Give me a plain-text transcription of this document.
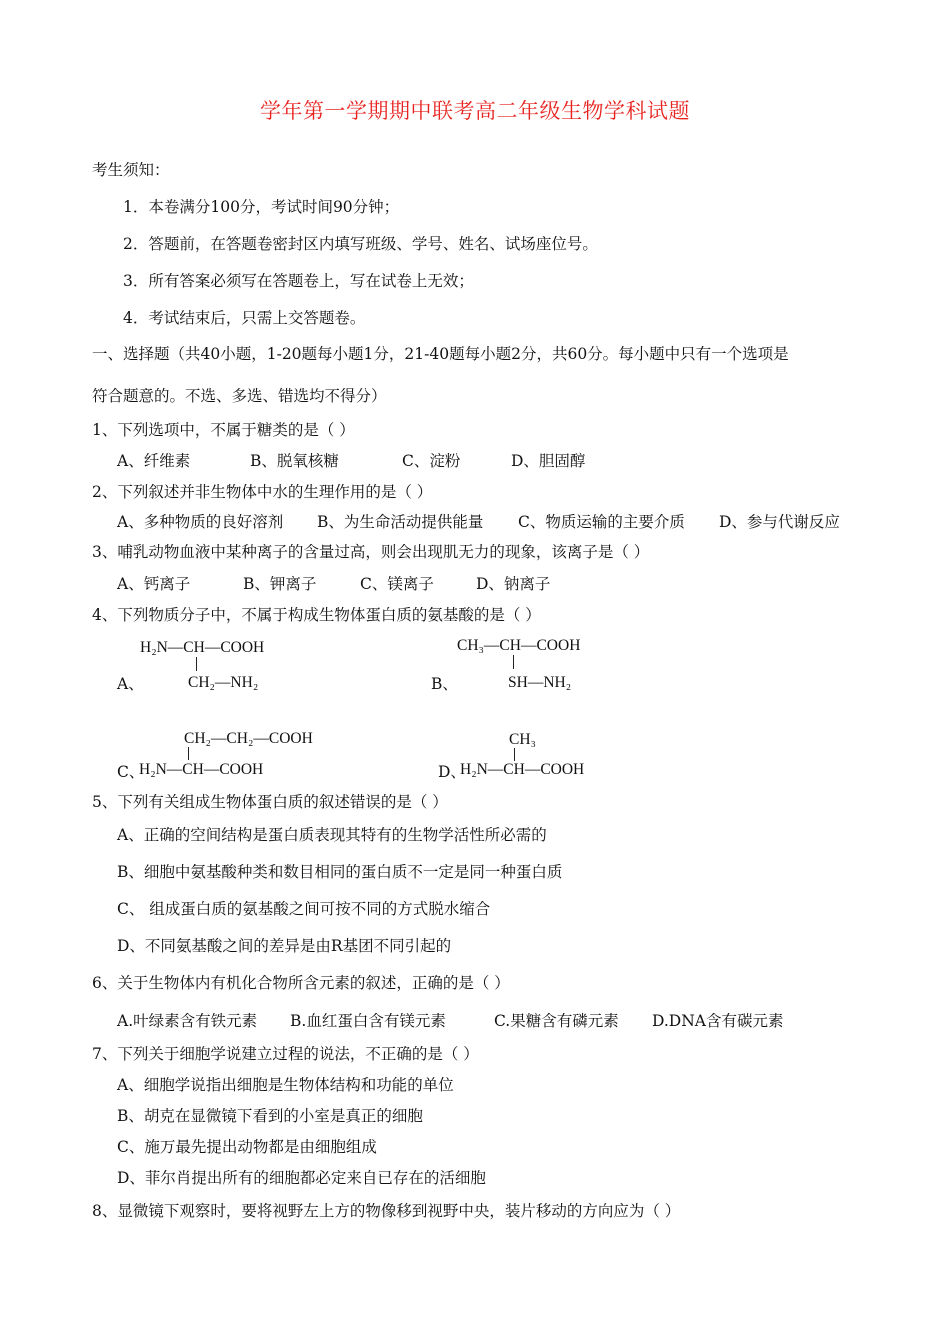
学年第一学期期中联考高二年级生物学科试题
考生须知：
1．本卷满分100分，考试时间90分钟；
2．答题前，在答题卷密封区内填写班级、学号、姓名、试场座位号。
3．所有答案必须写在答题卷上，写在试卷上无效；
4．考试结束后，只需上交答题卷。
一、选择题（共40小题，1-20题每小题1分，21-40题每小题2分，共60分。每小题中只有一个选项是
符合题意的。不选、多选、错选均不得分）
1、下列选项中，不属于糖类的是（ ）
A、纤维素	B、脱氧核糖	C、淀粉	D、胆固醇
2、下列叙述并非生物体中水的生理作用的是（ ）
A、多种物质的良好溶剂 B、为生命活动提供能量 C、物质运输的主要介质 D、参与代谢反应
3、哺乳动物血液中某种离子的含量过高，则会出现肌无力的现象，该离子是（ ）
A、钙离子	B、钾离子	C、镁离子	D、钠离子
4、下列物质分子中，不属于构成生物体蛋白质的氨基酸的是（ ）
H₂N—CH—COOH
CH₂—NH₂
A、
CH₃—CH—COOH
SH—NH₂
B、
CH₂—CH₂—COOH
H₂N—CH—COOH
C、
CH₃
H₂N—CH—COOH
D、
5、下列有关组成生物体蛋白质的叙述错误的是（ ）
A、正确的空间结构是蛋白质表现其特有的生物学活性所必需的
B、细胞中氨基酸种类和数目相同的蛋白质不一定是同一种蛋白质
C、 组成蛋白质的氨基酸之间可按不同的方式脱水缩合
D、不同氨基酸之间的差异是由R基团不同引起的
6、关于生物体内有机化合物所含元素的叙述，正确的是（ ）
A.叶绿素含有铁元素 B.血红蛋白含有镁元素	C.果糖含有磷元素 D.DNA含有碳元素
7、下列关于细胞学说建立过程的说法，不正确的是（ ）
A、细胞学说指出细胞是生物体结构和功能的单位
B、胡克在显微镜下看到的小室是真正的细胞
C、施万最先提出动物都是由细胞组成
D、菲尔肖提出所有的细胞都必定来自已存在的活细胞
8、显微镜下观察时，要将视野左上方的物像移到视野中央，装片移动的方向应为（ ）
